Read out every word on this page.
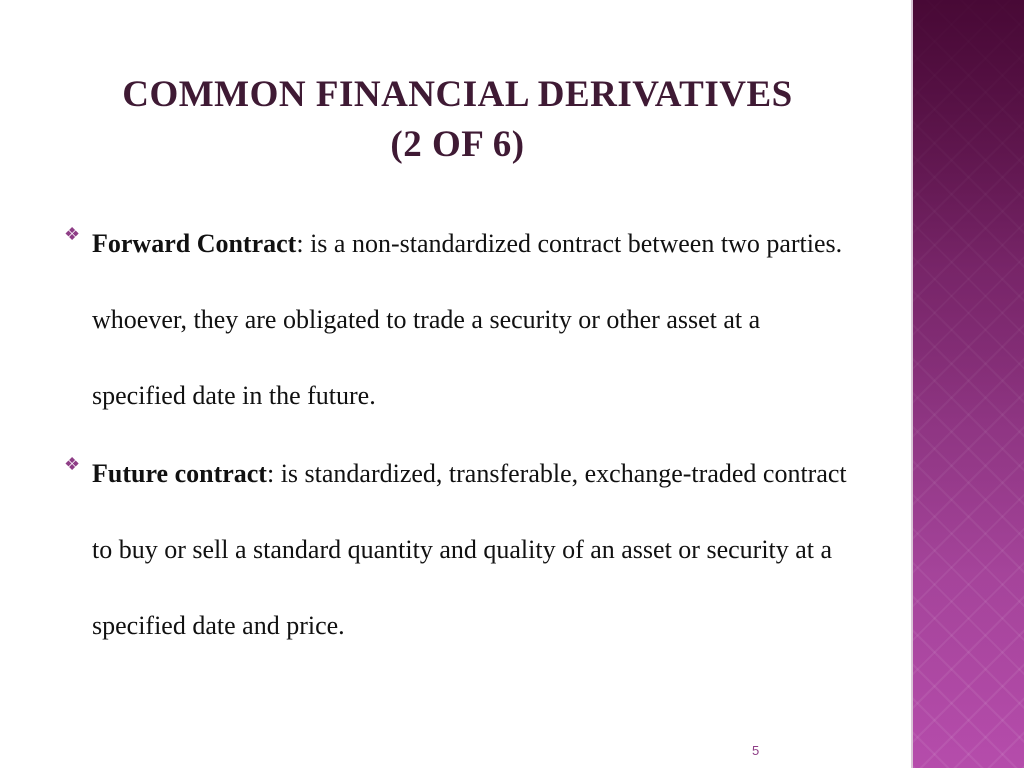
COMMON FINANCIAL DERIVATIVES
(2 OF 6)
❖ Forward Contract: is a non-standardized contract between two parties. whoever, they are obligated to trade a security or other asset at a specified date in the future.
❖ Future contract: is standardized, transferable, exchange-traded contract to buy or sell a standard quantity and quality of an asset or security at a specified date and price.
5
